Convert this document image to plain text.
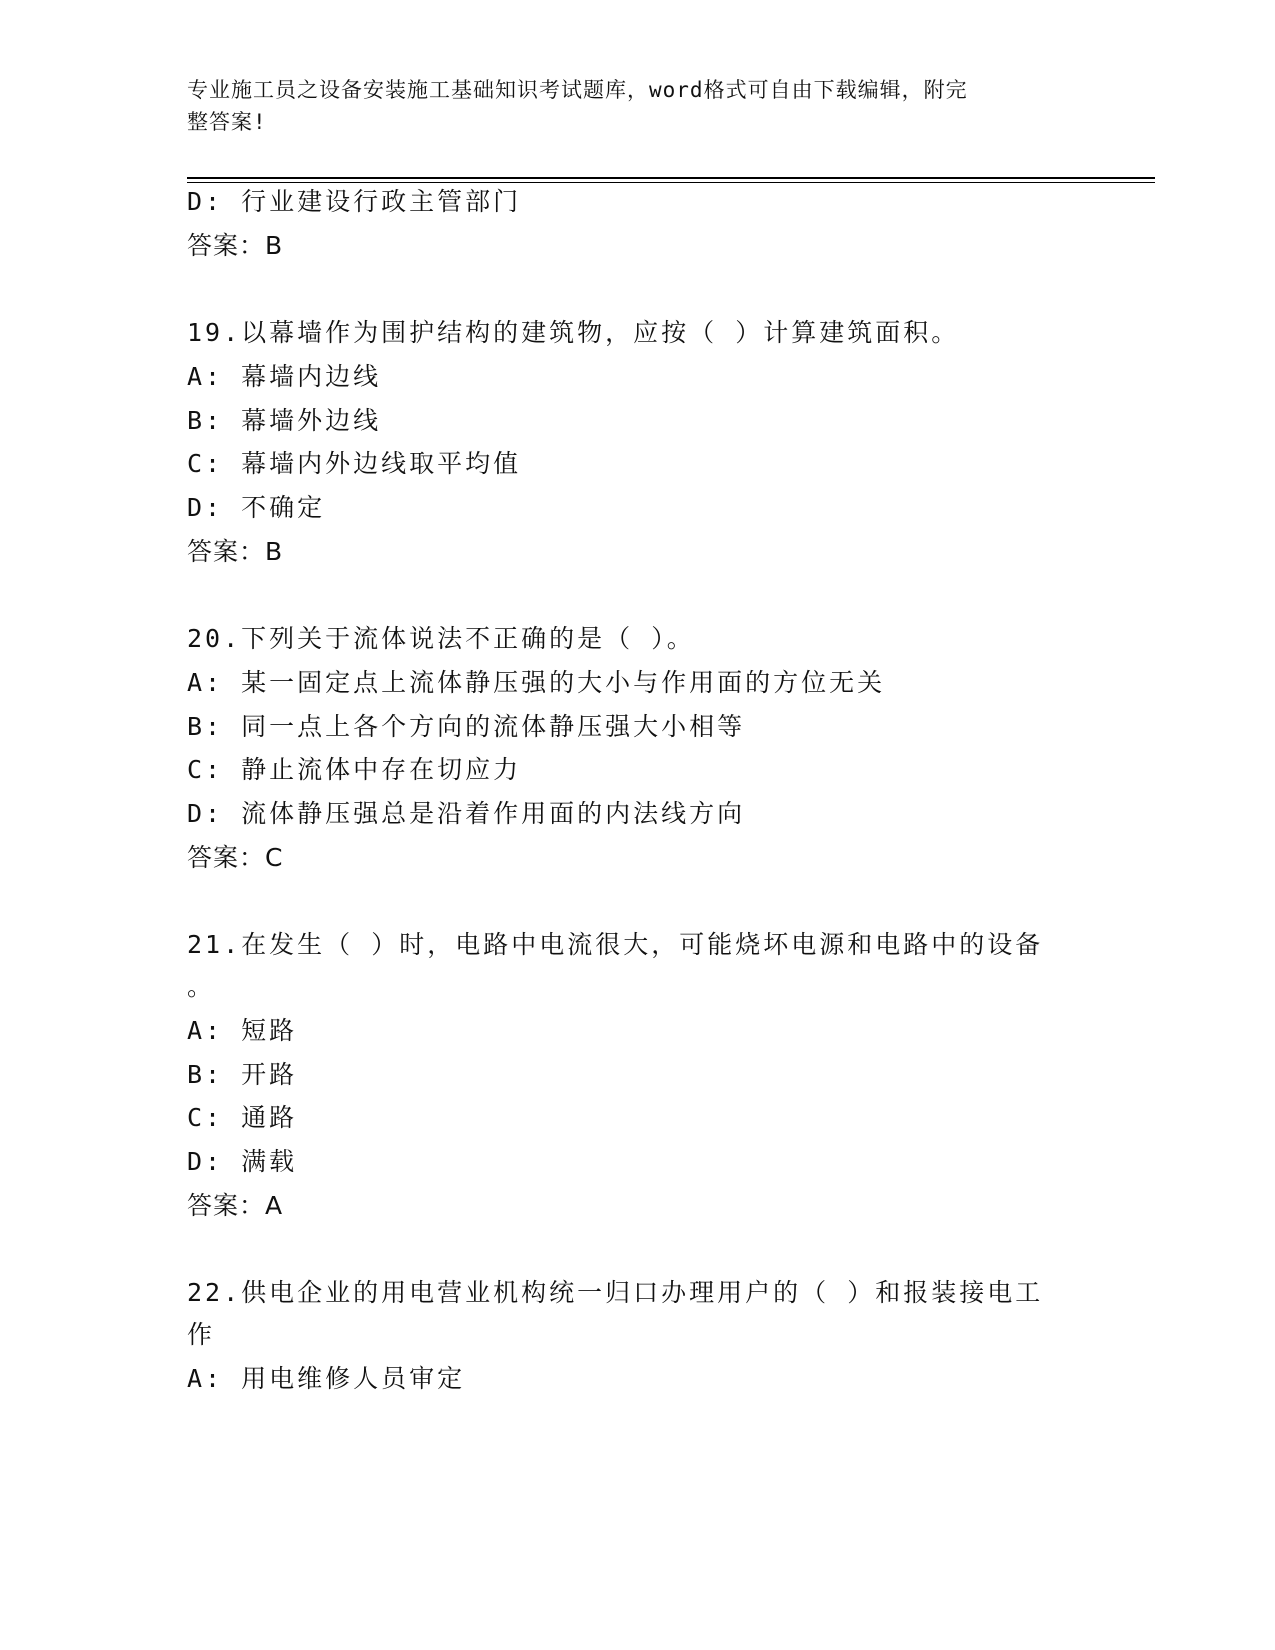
专业施工员之设备安装施工基础知识考试题库，word格式可自由下载编辑，附完
整答案!
D: 行业建设行政主管部门
答案：B
19.以幕墙作为围护结构的建筑物，应按（ ）计算建筑面积。
A: 幕墙内边线
B: 幕墙外边线
C: 幕墙内外边线取平均值
D: 不确定
答案：B
20.下列关于流体说法不正确的是（ ）。
A: 某一固定点上流体静压强的大小与作用面的方位无关
B: 同一点上各个方向的流体静压强大小相等
C: 静止流体中存在切应力
D: 流体静压强总是沿着作用面的内法线方向
答案：C
21.在发生（ ）时，电路中电流很大，可能烧坏电源和电路中的设备
。
A: 短路
B: 开路
C: 通路
D: 满载
答案：A
22.供电企业的用电营业机构统一归口办理用户的（ ）和报装接电工
作
A: 用电维修人员审定
